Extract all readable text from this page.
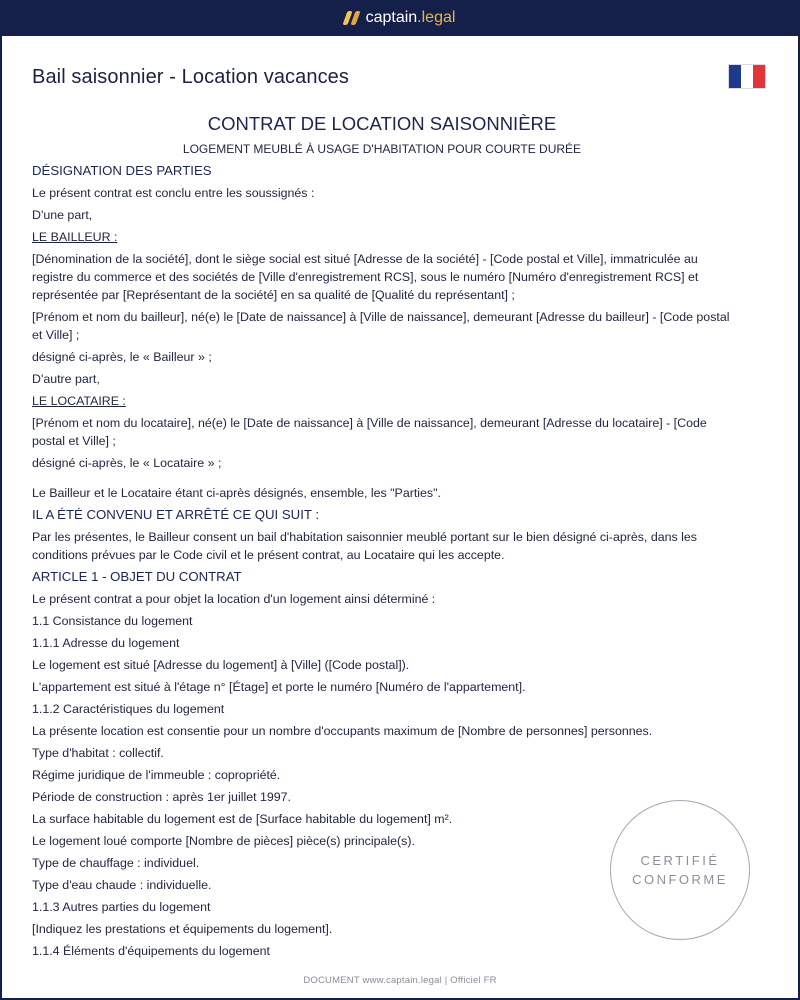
captain.legal
Bail saisonnier - Location vacances
CONTRAT DE LOCATION SAISONNIÈRE
LOGEMENT MEUBLÉ À USAGE D'HABITATION POUR COURTE DURÉE
DÉSIGNATION DES PARTIES
Le présent contrat est conclu entre les soussignés :
D'une part,
LE BAILLEUR :
[Dénomination de la société], dont le siège social est situé [Adresse de la société] - [Code postal et Ville], immatriculée au registre du commerce et des sociétés de [Ville d'enregistrement RCS], sous le numéro [Numéro d'enregistrement RCS] et représentée par [Représentant de la société] en sa qualité de [Qualité du représentant] ;
[Prénom et nom du bailleur], né(e) le [Date de naissance] à [Ville de naissance], demeurant [Adresse du bailleur] - [Code postal et Ville] ;
désigné ci-après, le « Bailleur » ;
D'autre part,
LE LOCATAIRE :
[Prénom et nom du locataire], né(e) le [Date de naissance] à [Ville de naissance], demeurant [Adresse du locataire] - [Code postal et Ville] ;
désigné ci-après, le « Locataire » ;
Le Bailleur et le Locataire étant ci-après désignés, ensemble, les "Parties".
IL A ÉTÉ CONVENU ET ARRÊTÉ CE QUI SUIT :
Par les présentes, le Bailleur consent un bail d'habitation saisonnier meublé portant sur le bien désigné ci-après, dans les conditions prévues par le Code civil et le présent contrat, au Locataire qui les accepte.
ARTICLE 1 - OBJET DU CONTRAT
Le présent contrat a pour objet la location d'un logement ainsi déterminé :
1.1 Consistance du logement
1.1.1 Adresse du logement
Le logement est situé [Adresse du logement] à [Ville] ([Code postal]).
L'appartement est situé à l'étage n° [Étage] et porte le numéro [Numéro de l'appartement].
1.1.2 Caractéristiques du logement
La présente location est consentie pour un nombre d'occupants maximum de [Nombre de personnes] personnes.
Type d'habitat : collectif.
Régime juridique de l'immeuble : copropriété.
Période de construction : après 1er juillet 1997.
La surface habitable du logement est de [Surface habitable du logement] m².
Le logement loué comporte [Nombre de pièces] pièce(s) principale(s).
Type de chauffage : individuel.
Type d'eau chaude : individuelle.
1.1.3 Autres parties du logement
[Indiquez les prestations et équipements du logement].
1.1.4 Éléments d'équipements du logement
CERTIFIÉ
CONFORME
DOCUMENT www.captain.legal | Officiel FR
